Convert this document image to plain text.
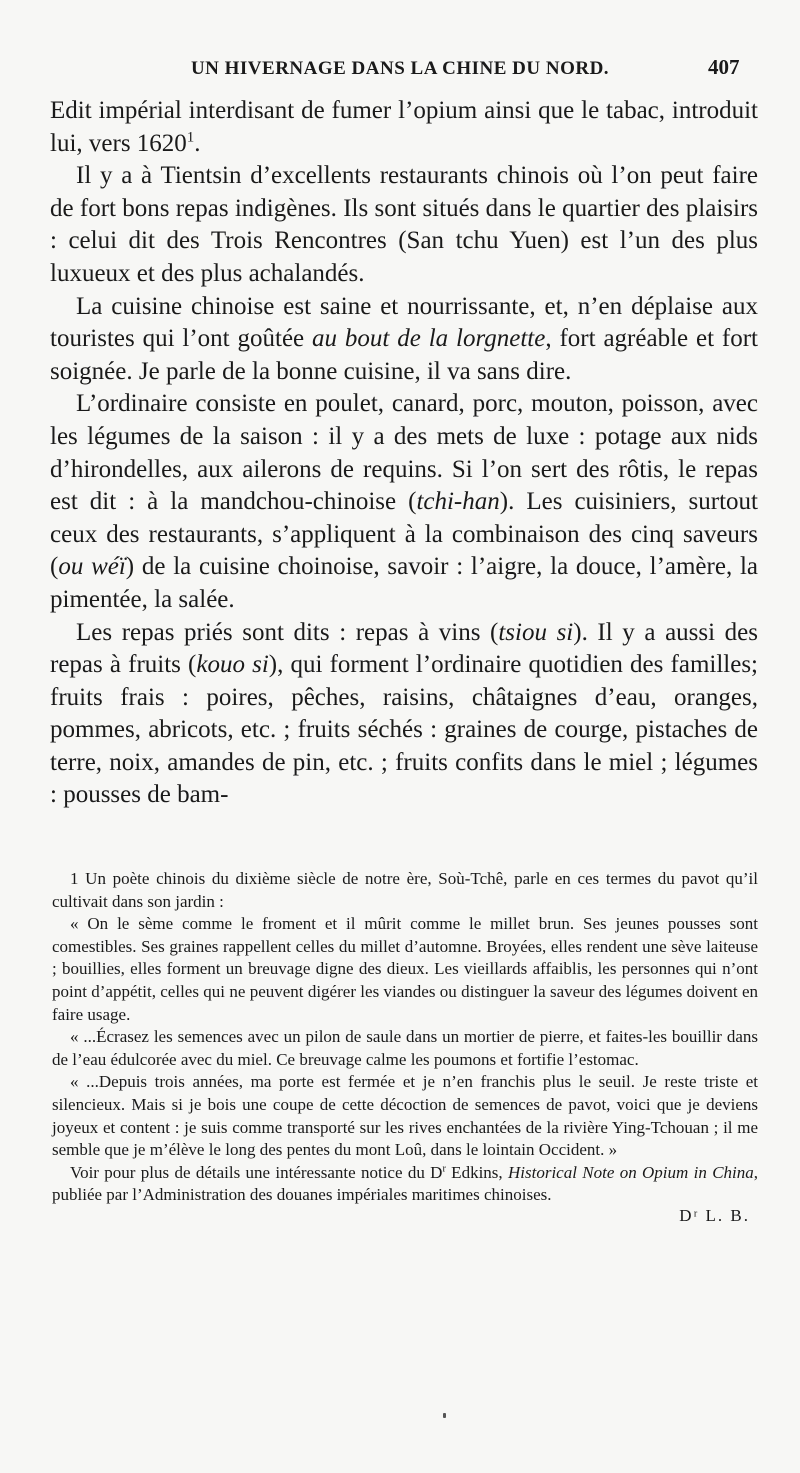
UN HIVERNAGE DANS LA CHINE DU NORD.	407

Edit impérial interdisant de fumer l’opium ainsi que le tabac, introduit lui, vers 1620$^1$.

Il y a à Tientsin d’excellents restaurants chinois où l’on peut faire de fort bons repas indigènes. Ils sont situés dans le quartier des plaisirs : celui dit des Trois Rencontres (San tchu Yuen) est l’un des plus luxueux et des plus achalandés.

La cuisine chinoise est saine et nourrissante, et, n’en déplaise aux touristes qui l’ont goûtée au bout de la lorgnette, fort agréable et fort soignée. Je parle de la bonne cuisine, il va sans dire.

L’ordinaire consiste en poulet, canard, porc, mouton, poisson, avec les légumes de la saison : il y a des mets de luxe : potage aux nids d’hirondelles, aux ailerons de requins. Si l’on sert des rôtis, le repas est dit : à la mandchou-chinoise (tchi-han). Les cuisiniers, surtout ceux des restaurants, s’appliquent à la combinaison des cinq saveurs (ou wéï) de la cuisine choinoise, savoir : l’aigre, la douce, l’amère, la pimentée, la salée.

Les repas priés sont dits : repas à vins (tsiou si). Il y a aussi des repas à fruits (kouo si), qui forment l’ordinaire quotidien des familles; fruits frais : poires, pêches, raisins, châtaignes d’eau, oranges, pommes, abricots, etc. ; fruits séchés : graines de courge, pistaches de terre, noix, amandes de pin, etc. ; fruits confits dans le miel ; légumes : pousses de bam-

1 Un poète chinois du dixième siècle de notre ère, Soù-Tchê, parle en ces termes du pavot qu’il cultivait dans son jardin :

« On le sème comme le froment et il mûrit comme le millet brun. Ses jeunes pousses sont comestibles. Ses graines rappellent celles du millet d’automne. Broyées, elles rendent une sève laiteuse ; bouillies, elles forment un breuvage digne des dieux. Les vieillards affaiblis, les personnes qui n’ont point d’appétit, celles qui ne peuvent digérer les viandes ou distinguer la saveur des légumes doivent en faire usage.

« ...Écrasez les semences avec un pilon de saule dans un mortier de pierre, et faites-les bouillir dans de l’eau édulcorée avec du miel. Ce breuvage calme les poumons et fortifie l’estomac.

« ...Depuis trois années, ma porte est fermée et je n’en franchis plus le seuil. Je reste triste et silencieux. Mais si je bois une coupe de cette décoction de semences de pavot, voici que je deviens joyeux et content : je suis comme transporté sur les rives enchantées de la rivière Ying-Tchouan ; il me semble que je m’élève le long des pentes du mont Loû, dans le lointain Occident. »

Voir pour plus de détails une intéressante notice du $D^r$ Edkins, Historical Note on Opium in China, publiée par l’Administration des douanes impériales maritimes chinoises.

Dʳ L. B.
